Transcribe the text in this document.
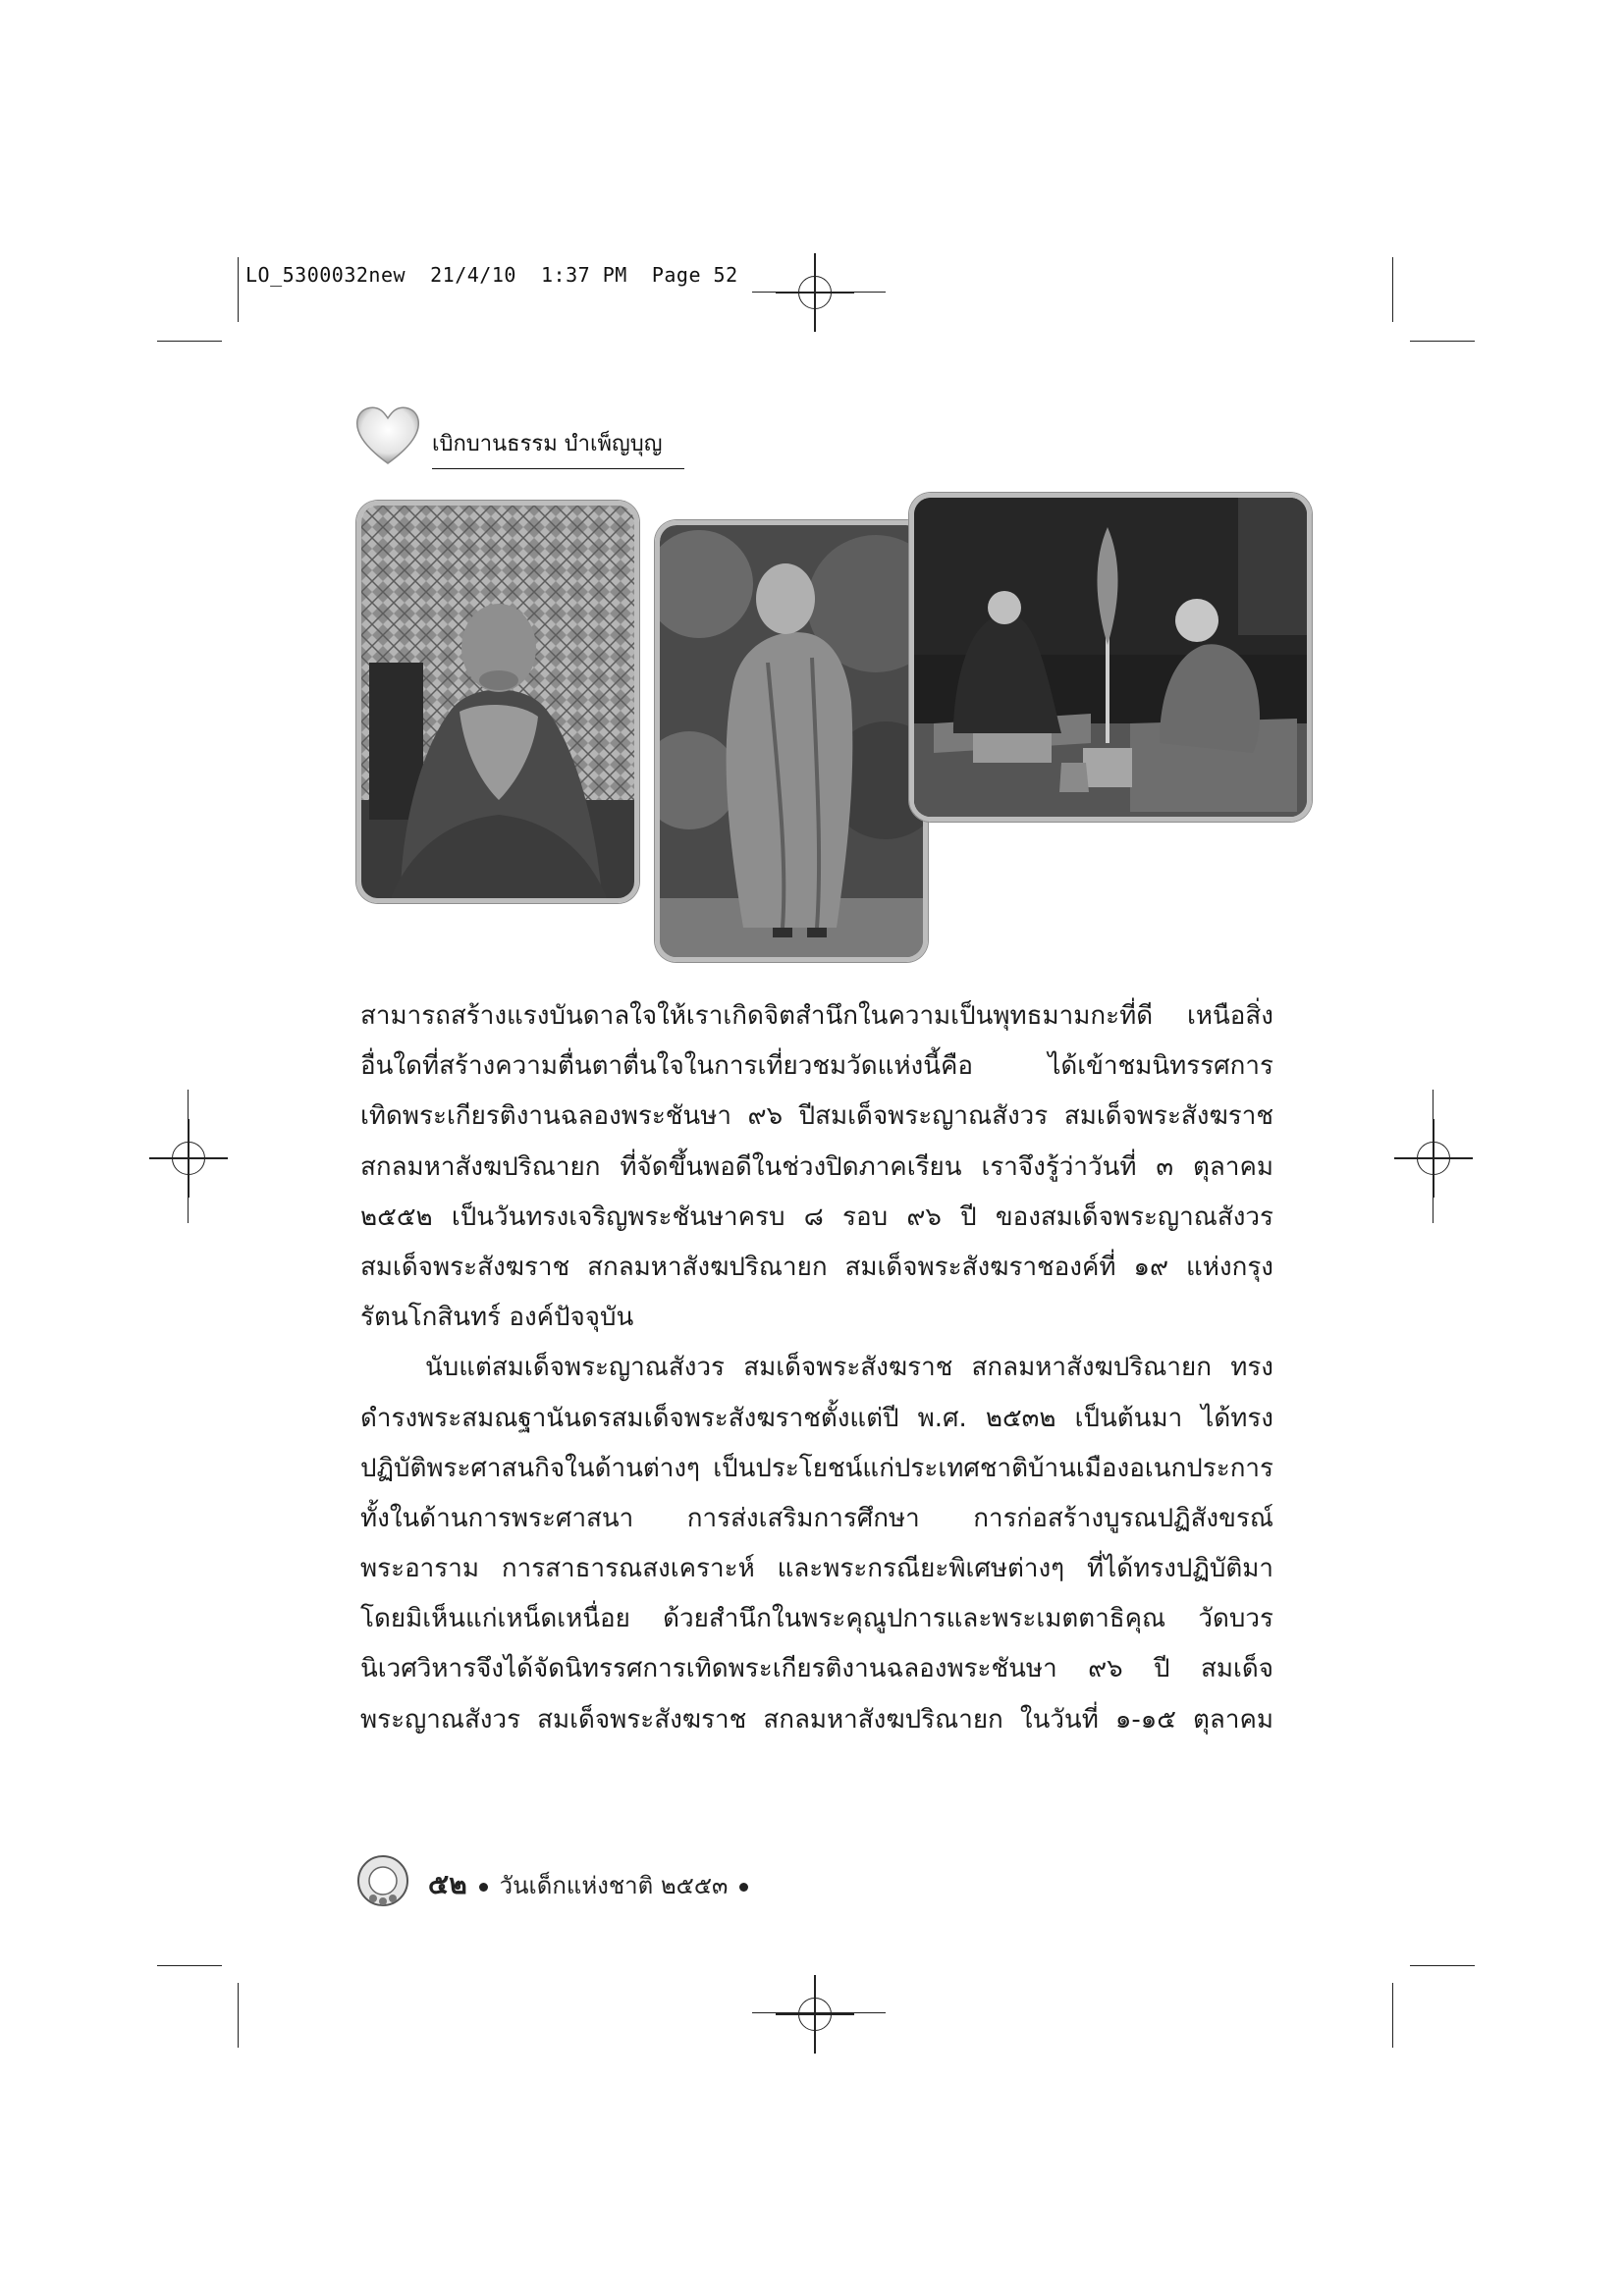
LO_5300032new  21/4/10  1:37 PM  Page 52
เบิกบานธรรม บำเพ็ญบุญ
สามารถสร้างแรงบันดาลใจให้เราเกิดจิตสำนึกในความเป็นพุทธมามกะที่ดี เหนือสิ่ง
อื่นใดที่สร้างความตื่นตาตื่นใจในการเที่ยวชมวัดแห่งนี้คือ ได้เข้าชมนิทรรศการ
เทิดพระเกียรติงานฉลองพระชันษา ๙๖ ปีสมเด็จพระญาณสังวร สมเด็จพระสังฆราช
สกลมหาสังฆปริณายก ที่จัดขึ้นพอดีในช่วงปิดภาคเรียน เราจึงรู้ว่าวันที่ ๓ ตุลาคม
๒๕๕๒ เป็นวันทรงเจริญพระชันษาครบ ๘ รอบ ๙๖ ปี ของสมเด็จพระญาณสังวร
สมเด็จพระสังฆราช สกลมหาสังฆปริณายก สมเด็จพระสังฆราชองค์ที่ ๑๙ แห่งกรุง
รัตนโกสินทร์ องค์ปัจจุบัน
นับแต่สมเด็จพระญาณสังวร สมเด็จพระสังฆราช สกลมหาสังฆปริณายก ทรง
ดำรงพระสมณฐานันดรสมเด็จพระสังฆราชตั้งแต่ปี พ.ศ. ๒๕๓๒ เป็นต้นมา ได้ทรง
ปฏิบัติพระศาสนกิจในด้านต่างๆ เป็นประโยชน์แก่ประเทศชาติบ้านเมืองอเนกประการ
ทั้งในด้านการพระศาสนา การส่งเสริมการศึกษา การก่อสร้างบูรณปฏิสังขรณ์
พระอาราม การสาธารณสงเคราะห์ และพระกรณียะพิเศษต่างๆ ที่ได้ทรงปฏิบัติมา
โดยมิเห็นแก่เหน็ดเหนื่อย ด้วยสำนึกในพระคุณูปการและพระเมตตาธิคุณ วัดบวร
นิเวศวิหารจึงได้จัดนิทรรศการเทิดพระเกียรติงานฉลองพระชันษา ๙๖ ปี สมเด็จ
พระญาณสังวร สมเด็จพระสังฆราช สกลมหาสังฆปริณายก ในวันที่ ๑-๑๕ ตุลาคม
๕๒ วันเด็กแห่งชาติ ๒๕๕๓
